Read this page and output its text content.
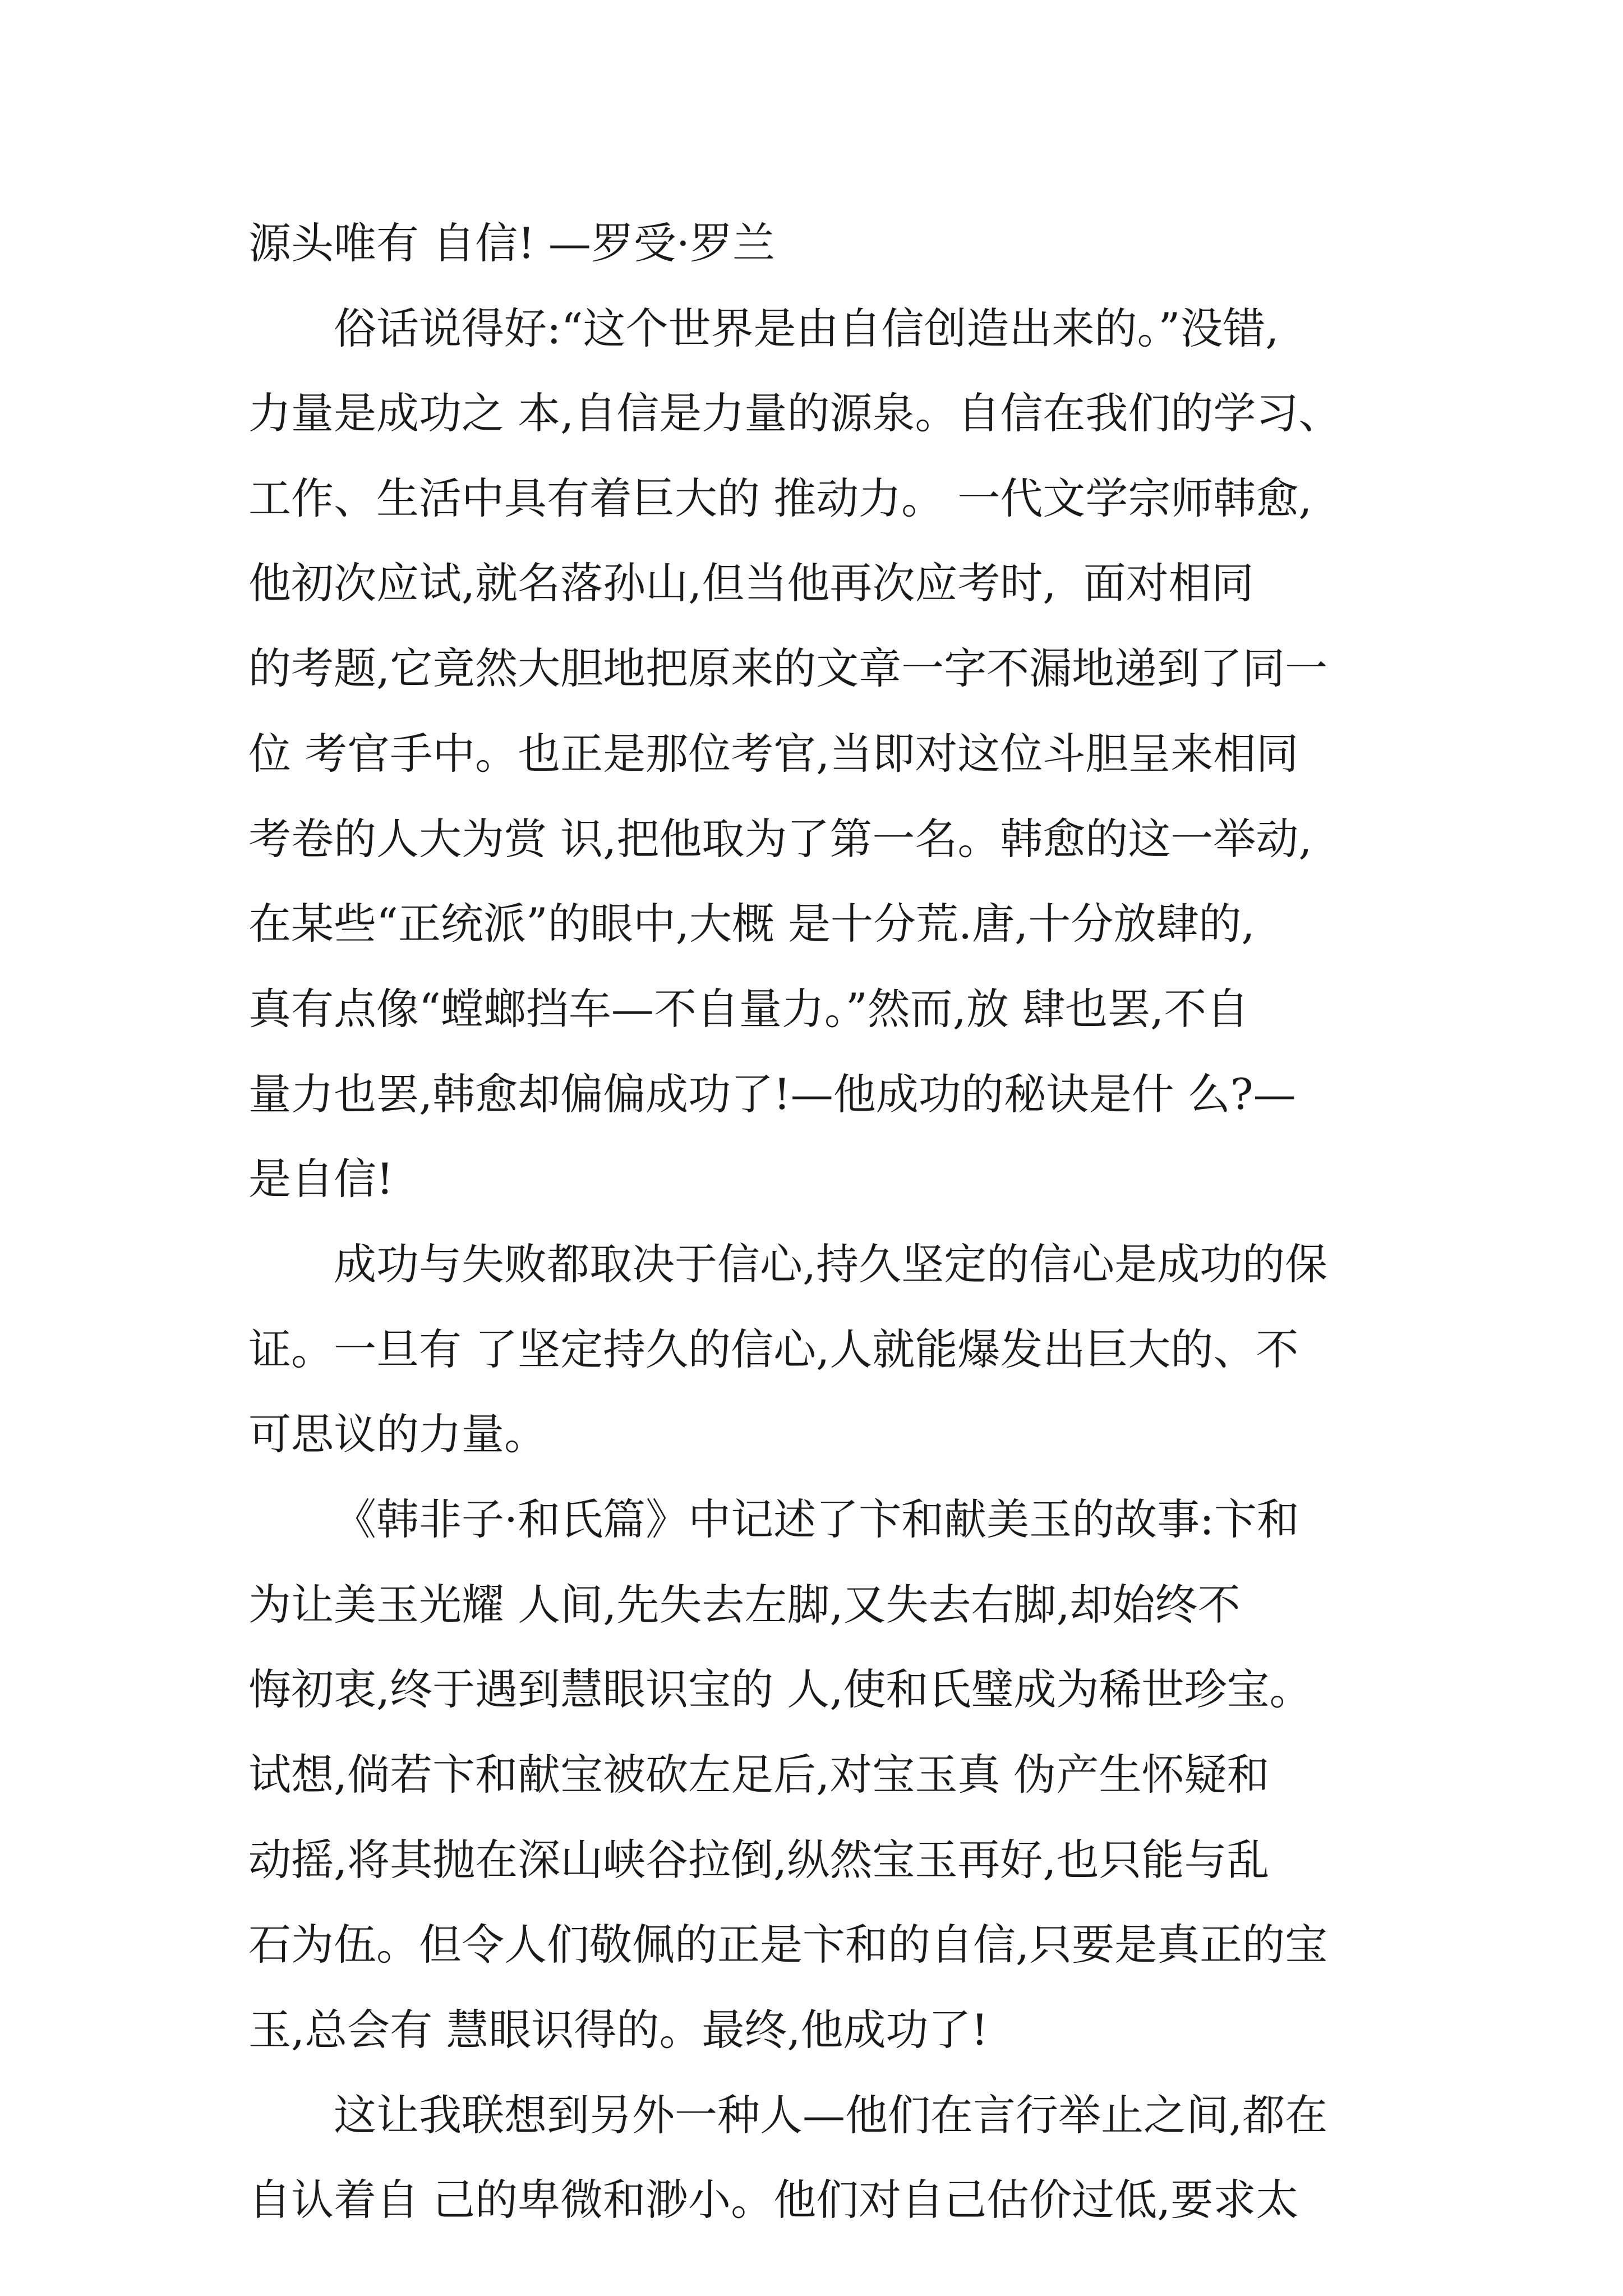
源头唯有 自信! —罗受·罗兰
俗话说得好:“这个世界是由自信创造出来的。”没错,
力量是成功之 本,自信是力量的源泉。自信在我们的学习、
工作、生活中具有着巨大的 推动力。 一代文学宗师韩愈,
他初次应试,就名落孙山,但当他再次应考时,  面对相同
的考题,它竟然大胆地把原来的文章一字不漏地递到了同一
位 考官手中。也正是那位考官,当即对这位斗胆呈来相同
考卷的人大为赏 识,把他取为了第一名。韩愈的这一举动,
在某些“正统派”的眼中,大概 是十分荒.唐,十分放肆的,
真有点像“螳螂挡车—不自量力。”然而,放 肆也罢,不自
量力也罢,韩愈却偏偏成功了!—他成功的秘诀是什 么?—
是自信!
成功与失败都取决于信心,持久坚定的信心是成功的保
证。一旦有 了坚定持久的信心,人就能爆发出巨大的、不
可思议的力量。
《韩非子·和氏篇》中记述了卞和献美玉的故事:卞和
为让美玉光耀 人间,先失去左脚,又失去右脚,却始终不
悔初衷,终于遇到慧眼识宝的 人,使和氏璧成为稀世珍宝。
试想,倘若卞和献宝被砍左足后,对宝玉真 伪产生怀疑和
动摇,将其抛在深山峡谷拉倒,纵然宝玉再好,也只能与乱
石为伍。但令人们敬佩的正是卞和的自信,只要是真正的宝
玉,总会有 慧眼识得的。最终,他成功了!
这让我联想到另外一种人—他们在言行举止之间,都在
自认着自 己的卑微和渺小。他们对自己估价过低,要求太
